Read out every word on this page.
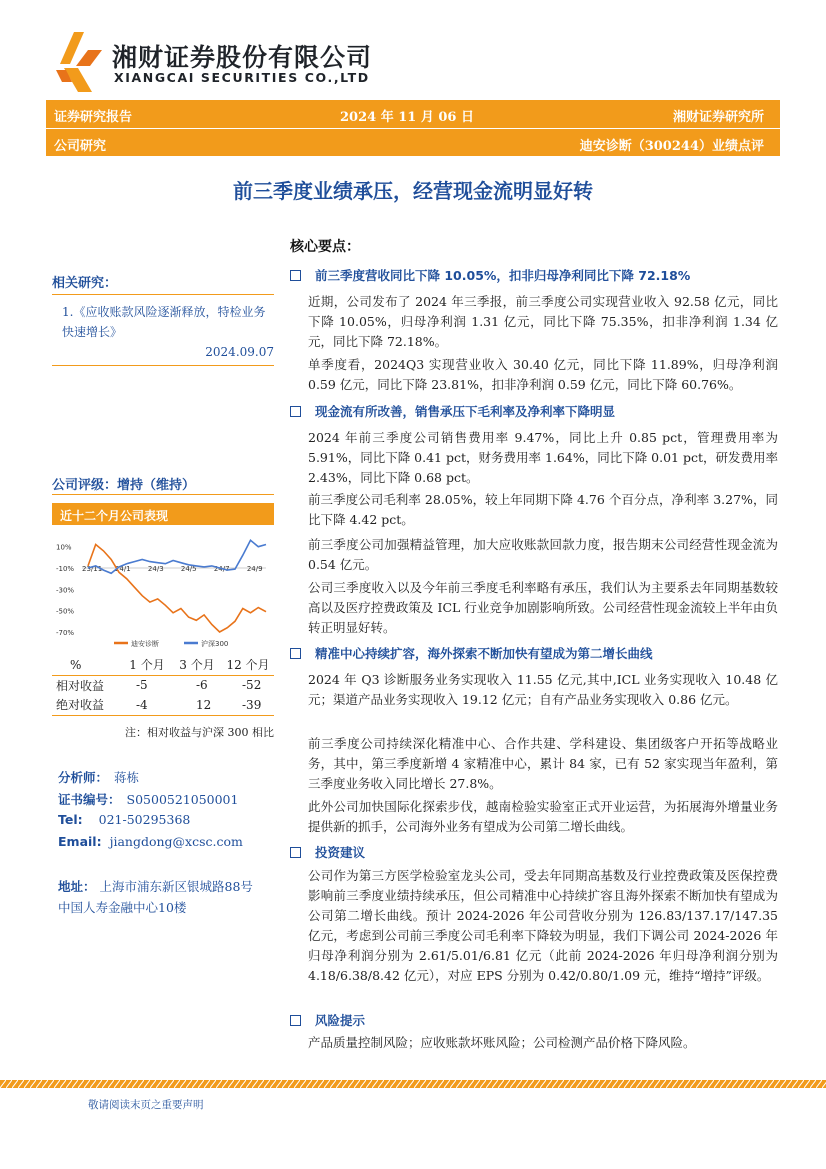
湘财证券股份有限公司
XIANGCAI SECURITIES CO.,LTD
证券研究报告	2024 年 11 月 06 日	湘财证券研究所
公司研究	迪安诊断（300244）业绩点评
前三季度业绩承压，经营现金流明显好转
相关研究：
1.《应收账款风险逐渐释放，特检业务快速增长》
2024.09.07
公司评级：增持（维持）
近十二个月公司表现
10%
-10%
-30%
-50%
-70%
23/11 24/1 24/3 24/5 24/7 24/9
迪安诊断	沪深300
%	1 个月	3 个月	12 个月
相对收益	-5	-6	-52
绝对收益	-4	12	-39
注：相对收益与沪深 300 相比
分析师： 蒋栋
证书编号： S0500521050001
Tel: 021-50295368
Email: jiangdong@xcsc.com
地址： 上海市浦东新区银城路88号
中国人寿金融中心10楼
核心要点：
前三季度营收同比下降 10.05%，扣非归母净利同比下降 72.18%
近期，公司发布了 2024 年三季报，前三季度公司实现营业收入 92.58 亿元，同比下降 10.05%，归母净利润 1.31 亿元，同比下降 75.35%，扣非净利润 1.34 亿元，同比下降 72.18%。
单季度看，2024Q3 实现营业收入 30.40 亿元，同比下降 11.89%，归母净利润 0.59 亿元，同比下降 23.81%，扣非净利润 0.59 亿元，同比下降 60.76%。
现金流有所改善，销售承压下毛利率及净利率下降明显
2024 年前三季度公司销售费用率 9.47%，同比上升 0.85 pct，管理费用率为 5.91%，同比下降 0.41 pct，财务费用率 1.64%，同比下降 0.01 pct，研发费用率 2.43%，同比下降 0.68 pct。
前三季度公司毛利率 28.05%，较上年同期下降 4.76 个百分点，净利率 3.27%，同比下降 4.42 pct。
前三季度公司加强精益管理，加大应收账款回款力度，报告期末公司经营性现金流为 0.54 亿元。
公司三季度收入以及今年前三季度毛利率略有承压，我们认为主要系去年同期基数较高以及医疗控费政策及 ICL 行业竞争加剧影响所致。公司经营性现金流较上半年由负转正明显好转。
精准中心持续扩容，海外探索不断加快有望成为第二增长曲线
2024 年 Q3 诊断服务业务实现收入 11.55 亿元,其中,ICL 业务实现收入 10.48 亿元；渠道产品业务实现收入 19.12 亿元；自有产品业务实现收入 0.86 亿元。
前三季度公司持续深化精准中心、合作共建、学科建设、集团级客户开拓等战略业务，其中，第三季度新增 4 家精准中心，累计 84 家，已有 52 家实现当年盈利，第三季度业务收入同比增长 27.8%。
此外公司加快国际化探索步伐，越南检验实验室正式开业运营，为拓展海外增量业务提供新的抓手，公司海外业务有望成为公司第二增长曲线。
投资建议
公司作为第三方医学检验室龙头公司，受去年同期高基数及行业控费政策及医保控费影响前三季度业绩持续承压，但公司精准中心持续扩容且海外探索不断加快有望成为公司第二增长曲线。预计 2024-2026 年公司营收分别为 126.83/137.17/147.35 亿元，考虑到公司前三季度公司毛利率下降较为明显，我们下调公司 2024-2026 年归母净利润分别为 2.61/5.01/6.81 亿元（此前 2024-2026 年归母净利润分别为 4.18/6.38/8.42 亿元），对应 EPS 分别为 0.42/0.80/1.09 元，维持“增持”评级。
风险提示
产品质量控制风险；应收账款坏账风险；公司检测产品价格下降风险。
敬请阅读末页之重要声明
